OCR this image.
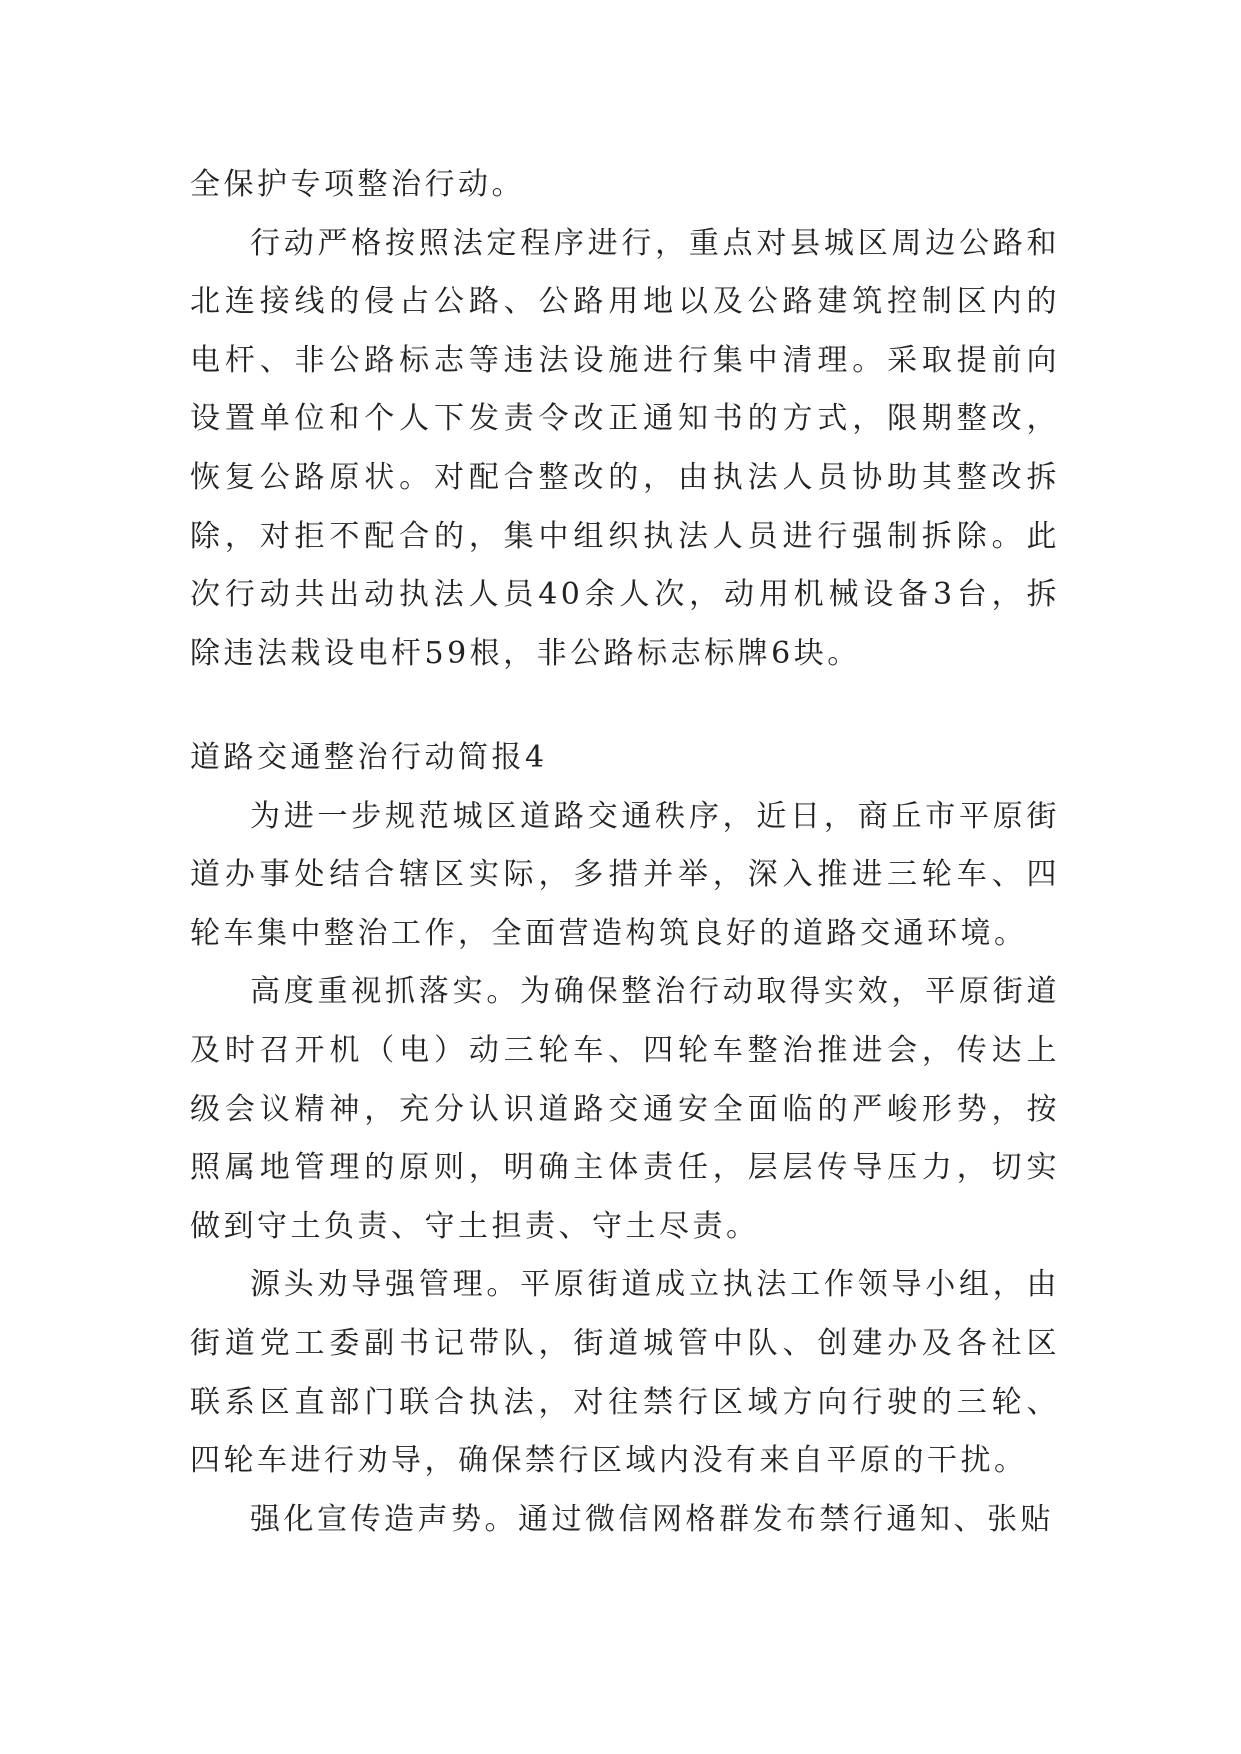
全保护专项整治行动。

行动严格按照法定程序进行，重点对县城区周边公路和北连接线的侵占公路、公路用地以及公路建筑控制区内的电杆、非公路标志等违法设施进行集中清理。采取提前向设置单位和个人下发责令改正通知书的方式，限期整改，恢复公路原状。对配合整改的，由执法人员协助其整改拆除，对拒不配合的，集中组织执法人员进行强制拆除。此次行动共出动执法人员40余人次，动用机械设备3台，拆除违法栽设电杆59根，非公路标志标牌6块。

道路交通整治行动简报4

为进一步规范城区道路交通秩序，近日，商丘市平原街道办事处结合辖区实际，多措并举，深入推进三轮车、四轮车集中整治工作，全面营造构筑良好的道路交通环境。

高度重视抓落实。为确保整治行动取得实效，平原街道及时召开机（电）动三轮车、四轮车整治推进会，传达上级会议精神，充分认识道路交通安全面临的严峻形势，按照属地管理的原则，明确主体责任，层层传导压力，切实做到守土负责、守土担责、守土尽责。

源头劝导强管理。平原街道成立执法工作领导小组，由街道党工委副书记带队，街道城管中队、创建办及各社区联系区直部门联合执法，对往禁行区域方向行驶的三轮、四轮车进行劝导，确保禁行区域内没有来自平原的干扰。

强化宣传造声势。通过微信网格群发布禁行通知、张贴
